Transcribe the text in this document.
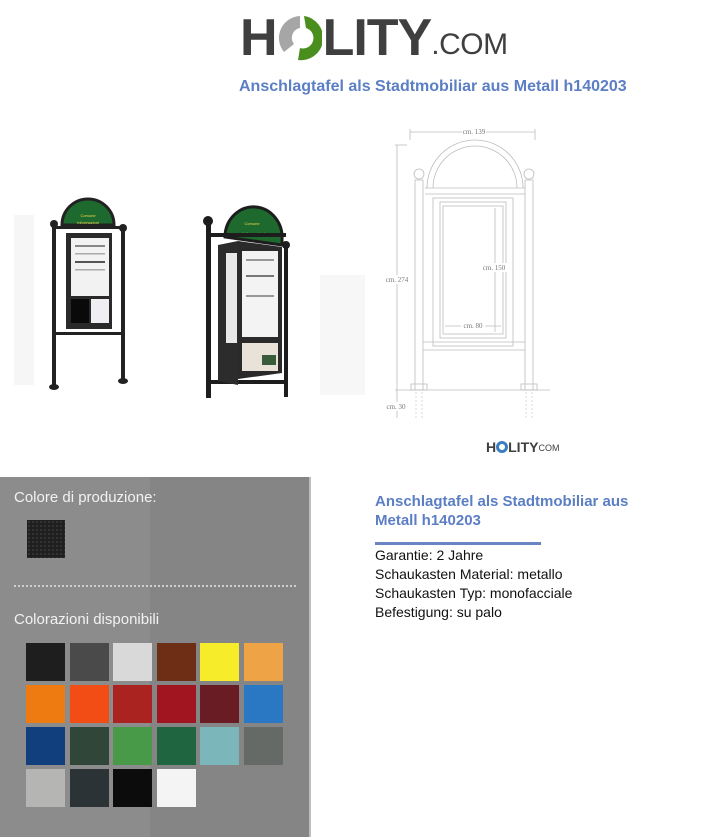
H LITY .COM
Anschlagtafel als Stadtmobiliar aus Metall h140203
Comune
Informazioni	Comune
cm. 139
cm. 274
cm. 150
cm. 80
cm. 30
H LITY COM
Colore di produzione:
Colorazioni disponibili
Anschlagtafel als Stadtmobiliar aus Metall h140203
Garantie: 2 Jahre
Schaukasten Material: metallo
Schaukasten Typ: monofacciale
Befestigung: su palo
